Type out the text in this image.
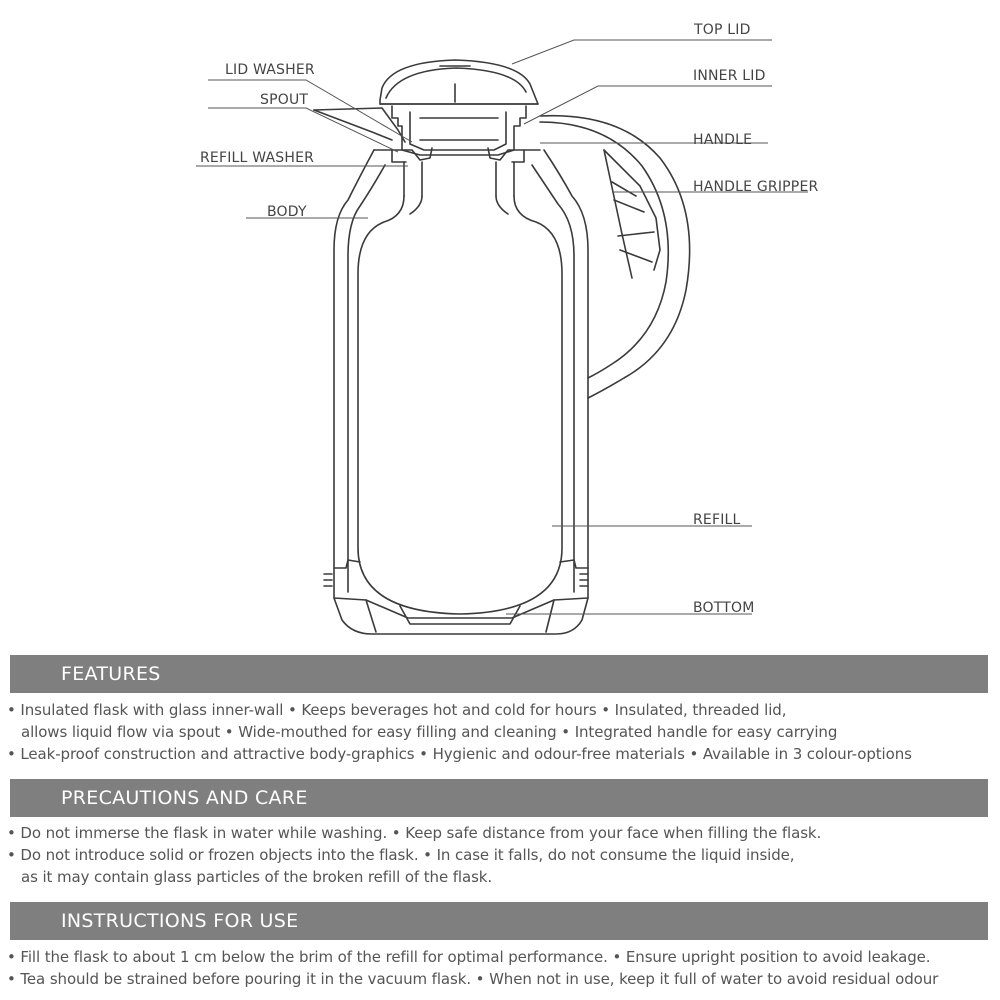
TOP LID
LID WASHER	INNER LID
SPOUT
HANDLE
REFILL WASHER
HANDLE GRIPPER
BODY
REFILL
BOTTOM
FEATURES
• Insulated flask with glass inner-wall • Keeps beverages hot and cold for hours • Insulated, threaded lid,
allows liquid flow via spout • Wide-mouthed for easy filling and cleaning • Integrated handle for easy carrying
• Leak-proof construction and attractive body-graphics • Hygienic and odour-free materials • Available in 3 colour-options
PRECAUTIONS AND CARE
• Do not immerse the flask in water while washing. • Keep safe distance from your face when filling the flask.
• Do not introduce solid or frozen objects into the flask. • In case it falls, do not consume the liquid inside,
as it may contain glass particles of the broken refill of the flask.
INSTRUCTIONS FOR USE
• Fill the flask to about 1 cm below the brim of the refill for optimal performance. • Ensure upright position to avoid leakage.
• Tea should be strained before pouring it in the vacuum flask. • When not in use, keep it full of water to avoid residual odour
